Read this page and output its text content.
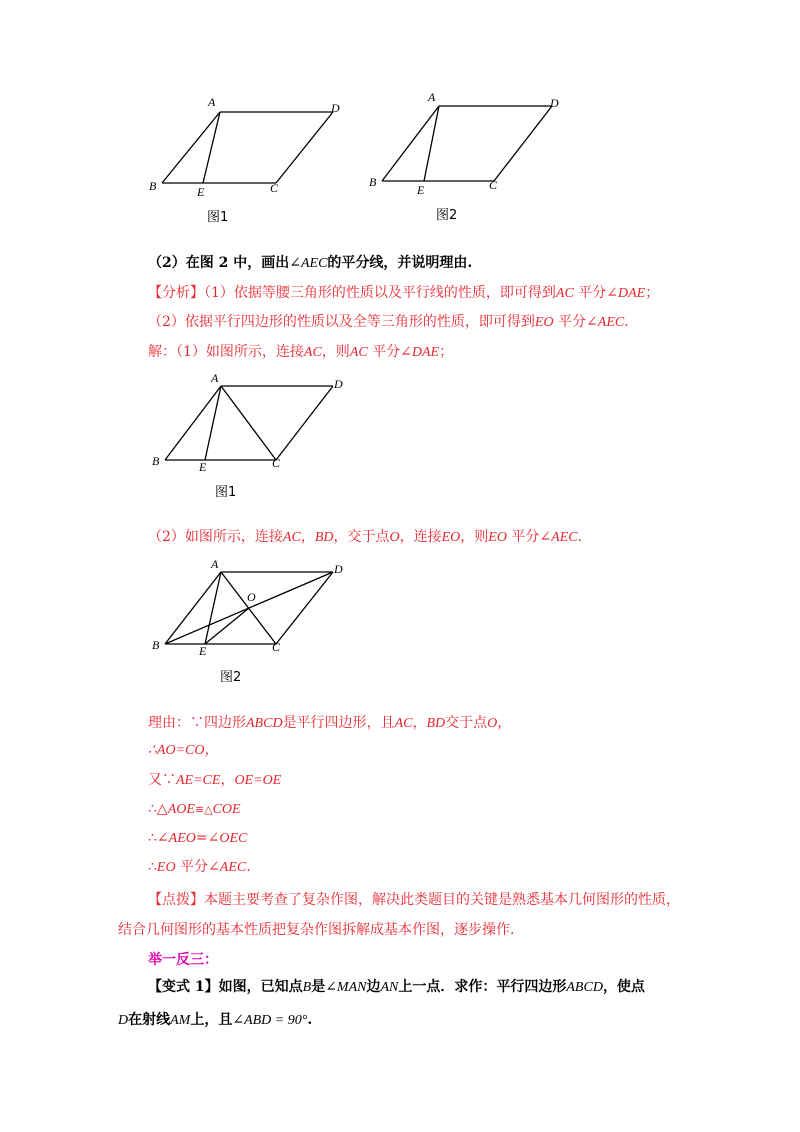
A	D
B	E	C
图1
A	D
B
E	C
图2
（2）在图 2 中，画出∠AEC的平分线，并说明理由.
【分析】（1）依据等腰三角形的性质以及平行线的性质，即可得到AC 平分∠DAE；
（2）依据平行四边形的性质以及全等三角形的性质，即可得到EO 平分∠AEC.
解：（1）如图所示，连接AC，则AC 平分∠DAE；
A	D
B	E	C
图1
（2）如图所示，连接AC，BD，交于点O，连接EO，则EO 平分∠AEC.
A	D
O
B	E	C
图2
理由：∵四边形ABCD是平行四边形，且AC，BD交于点O，
∴AO=CO，
又∵AE=CE，OE=OE
∴△AOE≌△COE
∴∠AEO=∠OEC
∴EO 平分∠AEC.
【点拨】本题主要考查了复杂作图，解决此类题目的关键是熟悉基本几何图形的性质，
结合几何图形的基本性质把复杂作图拆解成基本作图，逐步操作.
举一反三：
【变式 1】如图，已知点B是∠MAN边AN上一点．求作：平行四边形ABCD，使点
D在射线AM上，且∠ABD = 90°.
